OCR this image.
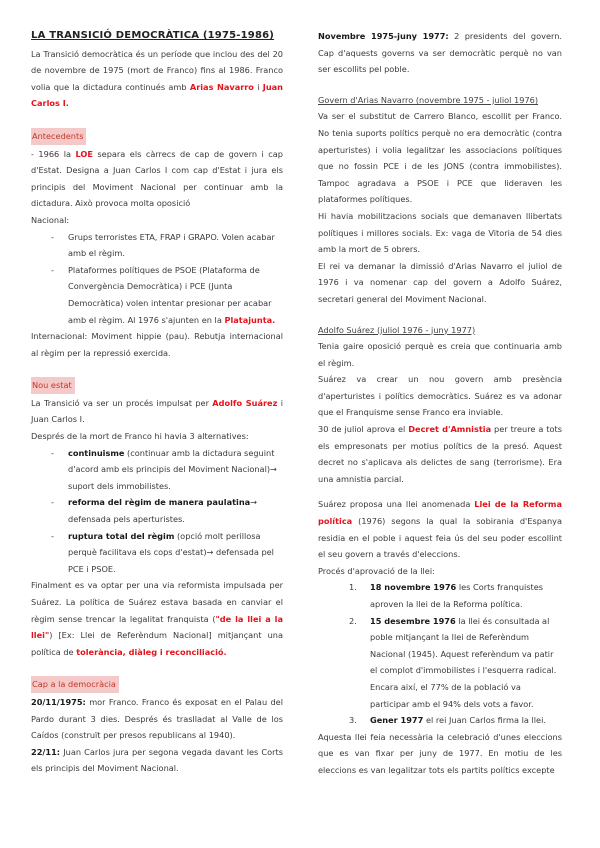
LA TRANSICIÓ DEMOCRÀTICA (1975-1986)

La Transició democràtica és un període que inclou des del 20 de novembre de 1975 (mort de Franco) fins al 1986. Franco volia que la dictadura continués amb Arias Navarro i Juan Carlos I.

Antecedents

- 1966 la LOE separa els càrrecs de cap de govern i cap d'Estat. Designa a Juan Carlos I com cap d'Estat i jura els principis del Moviment Nacional per continuar amb la dictadura. Això provoca molta oposició

Nacional:

- Grups terroristes ETA, FRAP i GRAPO. Volen acabar amb el règim.
- Plataformes polítiques de PSOE (Plataforma de Convergència Democràtica) i PCE (Junta Democràtica) volen intentar presionar per acabar amb el règim. Al 1976 s'ajunten en la Platajunta.

Internacional: Moviment hippie (pau). Rebutja internacional al règim per la repressió exercida.

Nou estat

La Transició va ser un procés impulsat per Adolfo Suárez i Juan Carlos I.

Després de la mort de Franco hi havia 3 alternatives:

- continuisme (continuar amb la dictadura seguint d'acord amb els principis del Moviment Nacional)→ suport dels immobilistes.
- reforma del règim de manera paulatina→ defensada pels aperturistes.
- ruptura total del règim (opció molt perillosa perquè facilitava els cops d'estat)→ defensada pel PCE i PSOE.

Finalment es va optar per una via reformista impulsada per Suárez. La política de Suárez estava basada en canviar el règim sense trencar la legalitat franquista ("de la llei a la llei") [Ex: Llei de Referèndum Nacional] mitjançant una política de tolerància, diàleg i reconciliació.

Cap a la democràcia

20/11/1975: mor Franco. Franco és exposat en el Palau del Pardo durant 3 dies. Després és traslladat al Valle de los Caídos (construït per presos republicans al 1940).

22/11: Juan Carlos jura per segona vegada davant les Corts els principis del Moviment Nacional.

Novembre 1975-juny 1977: 2 presidents del govern. Cap d'aquests governs va ser democràtic perquè no van ser escollits pel poble.

Govern d'Arias Navarro (novembre 1975 - juliol 1976)

Va ser el substitut de Carrero Blanco, escollit per Franco. No tenia suports polítics perquè no era democràtic (contra aperturistes) i volia legalitzar les associacions polítiques que no fossin PCE i de les JONS (contra immobilistes). Tampoc agradava a PSOE i PCE que lideraven les plataformes polítiques.

Hi havia mobilitzacions socials que demanaven llibertats polítiques i millores socials. Ex: vaga de Vitoria de 54 dies amb la mort de 5 obrers.

El rei va demanar la dimissió d'Arias Navarro el juliol de 1976 i va nomenar cap del govern a Adolfo Suárez, secretari general del Moviment Nacional.

Adolfo Suárez (juliol 1976 - juny 1977)

Tenia gaire oposició perquè es creia que continuaria amb el règim.

Suárez va crear un nou govern amb presència d'aperturistes i polítics democràtics. Suárez es va adonar que el Franquisme sense Franco era inviable.

30 de juliol aprova el Decret d'Amnistia per treure a tots els empresonats per motius polítics de la presó. Aquest decret no s'aplicava als delictes de sang (terrorisme). Era una amnistia parcial.

Suárez proposa una llei anomenada Llei de la Reforma política (1976) segons la qual la sobirania d'Espanya residia en el poble i aquest feia ús del seu poder escollint el seu govern a través d'eleccions.

Procés d'aprovació de la llei:

1. 18 novembre 1976 les Corts franquistes aproven la llei de la Reforma política.
2. 15 desembre 1976 la llei és consultada al poble mitjançant la llei de Referèndum Nacional (1945). Aquest referèndum va patir el complot d'immobilistes i l'esquerra radical. Encara així, el 77% de la població va participar amb el 94% dels vots a favor.
3. Gener 1977 el rei Juan Carlos firma la llei.

Aquesta llei feia necessària la celebració d'unes eleccions que es van fixar per juny de 1977. En motiu de les eleccions es van legalitzar tots els partits polítics excepte
